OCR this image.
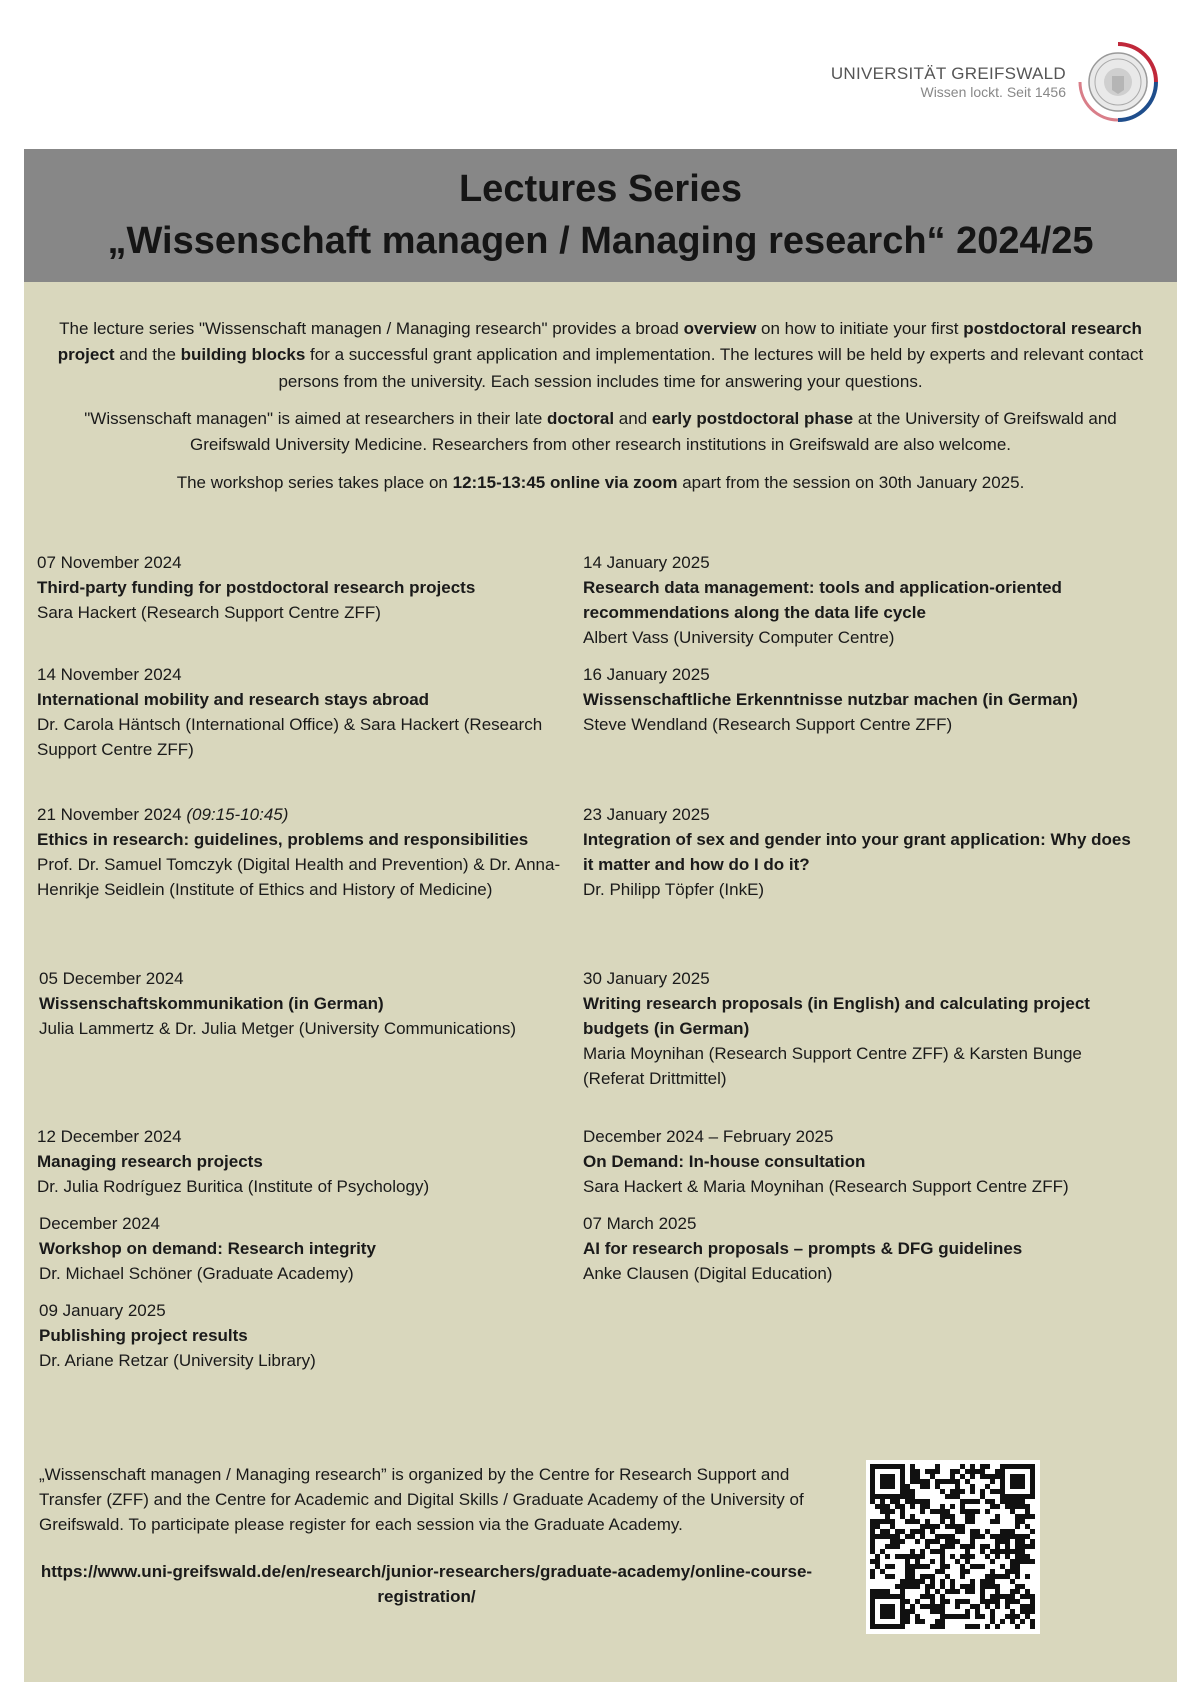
UNIVERSITÄT GREIFSWALD
Wissen lockt. Seit 1456
Lectures Series
„Wissenschaft managen / Managing research“ 2024/25

The lecture series "Wissenschaft managen / Managing research" provides a broad overview on how to initiate your first postdoctoral research project and the building blocks for a successful grant application and implementation. The lectures will be held by experts and relevant contact persons from the university. Each session includes time for answering your questions.

"Wissenschaft managen" is aimed at researchers in their late doctoral and early postdoctoral phase at the University of Greifswald and Greifswald University Medicine. Researchers from other research institutions in Greifswald are also welcome.

The workshop series takes place on 12:15-13:45 online via zoom apart from the session on 30th January 2025.

07 November 2024
Third-party funding for postdoctoral research projects
Sara Hackert (Research Support Centre ZFF)
14 November 2024
International mobility and research stays abroad
Dr. Carola Häntsch (International Office) & Sara Hackert (Research Support Centre ZFF)
21 November 2024 (09:15-10:45)
Ethics in research: guidelines, problems and responsibilities
Prof. Dr. Samuel Tomczyk (Digital Health and Prevention) & Dr. Anna-Henrikje Seidlein (Institute of Ethics and History of Medicine)
05 December 2024
Wissenschaftskommunikation (in German)
Julia Lammertz & Dr. Julia Metger (University Communications)
12 December 2024
Managing research projects
Dr. Julia Rodríguez Buritica (Institute of Psychology)
December 2024
Workshop on demand: Research integrity
Dr. Michael Schöner (Graduate Academy)
09 January 2025
Publishing project results
Dr. Ariane Retzar (University Library)
14 January 2025
Research data management: tools and application-oriented recommendations along the data life cycle
Albert Vass (University Computer Centre)
16 January 2025
Wissenschaftliche Erkenntnisse nutzbar machen (in German)
Steve Wendland (Research Support Centre ZFF)
23 January 2025
Integration of sex and gender into your grant application: Why does it matter and how do I do it?
Dr. Philipp Töpfer (InkE)
30 January 2025
Writing research proposals (in English) and calculating project budgets (in German)
Maria Moynihan (Research Support Centre ZFF) & Karsten Bunge (Referat Drittmittel)
December 2024 – February 2025
On Demand: In-house consultation
Sara Hackert & Maria Moynihan (Research Support Centre ZFF)
07 March 2025
AI for research proposals – prompts & DFG guidelines
Anke Clausen (Digital Education)
„Wissenschaft managen / Managing research” is organized by the Centre for Research Support and Transfer (ZFF) and the Centre for Academic and Digital Skills / Graduate Academy of the University of Greifswald. To participate please register for each session via the Graduate Academy.
https://www.uni-greifswald.de/en/research/junior-researchers/graduate-academy/online-course-registration/
